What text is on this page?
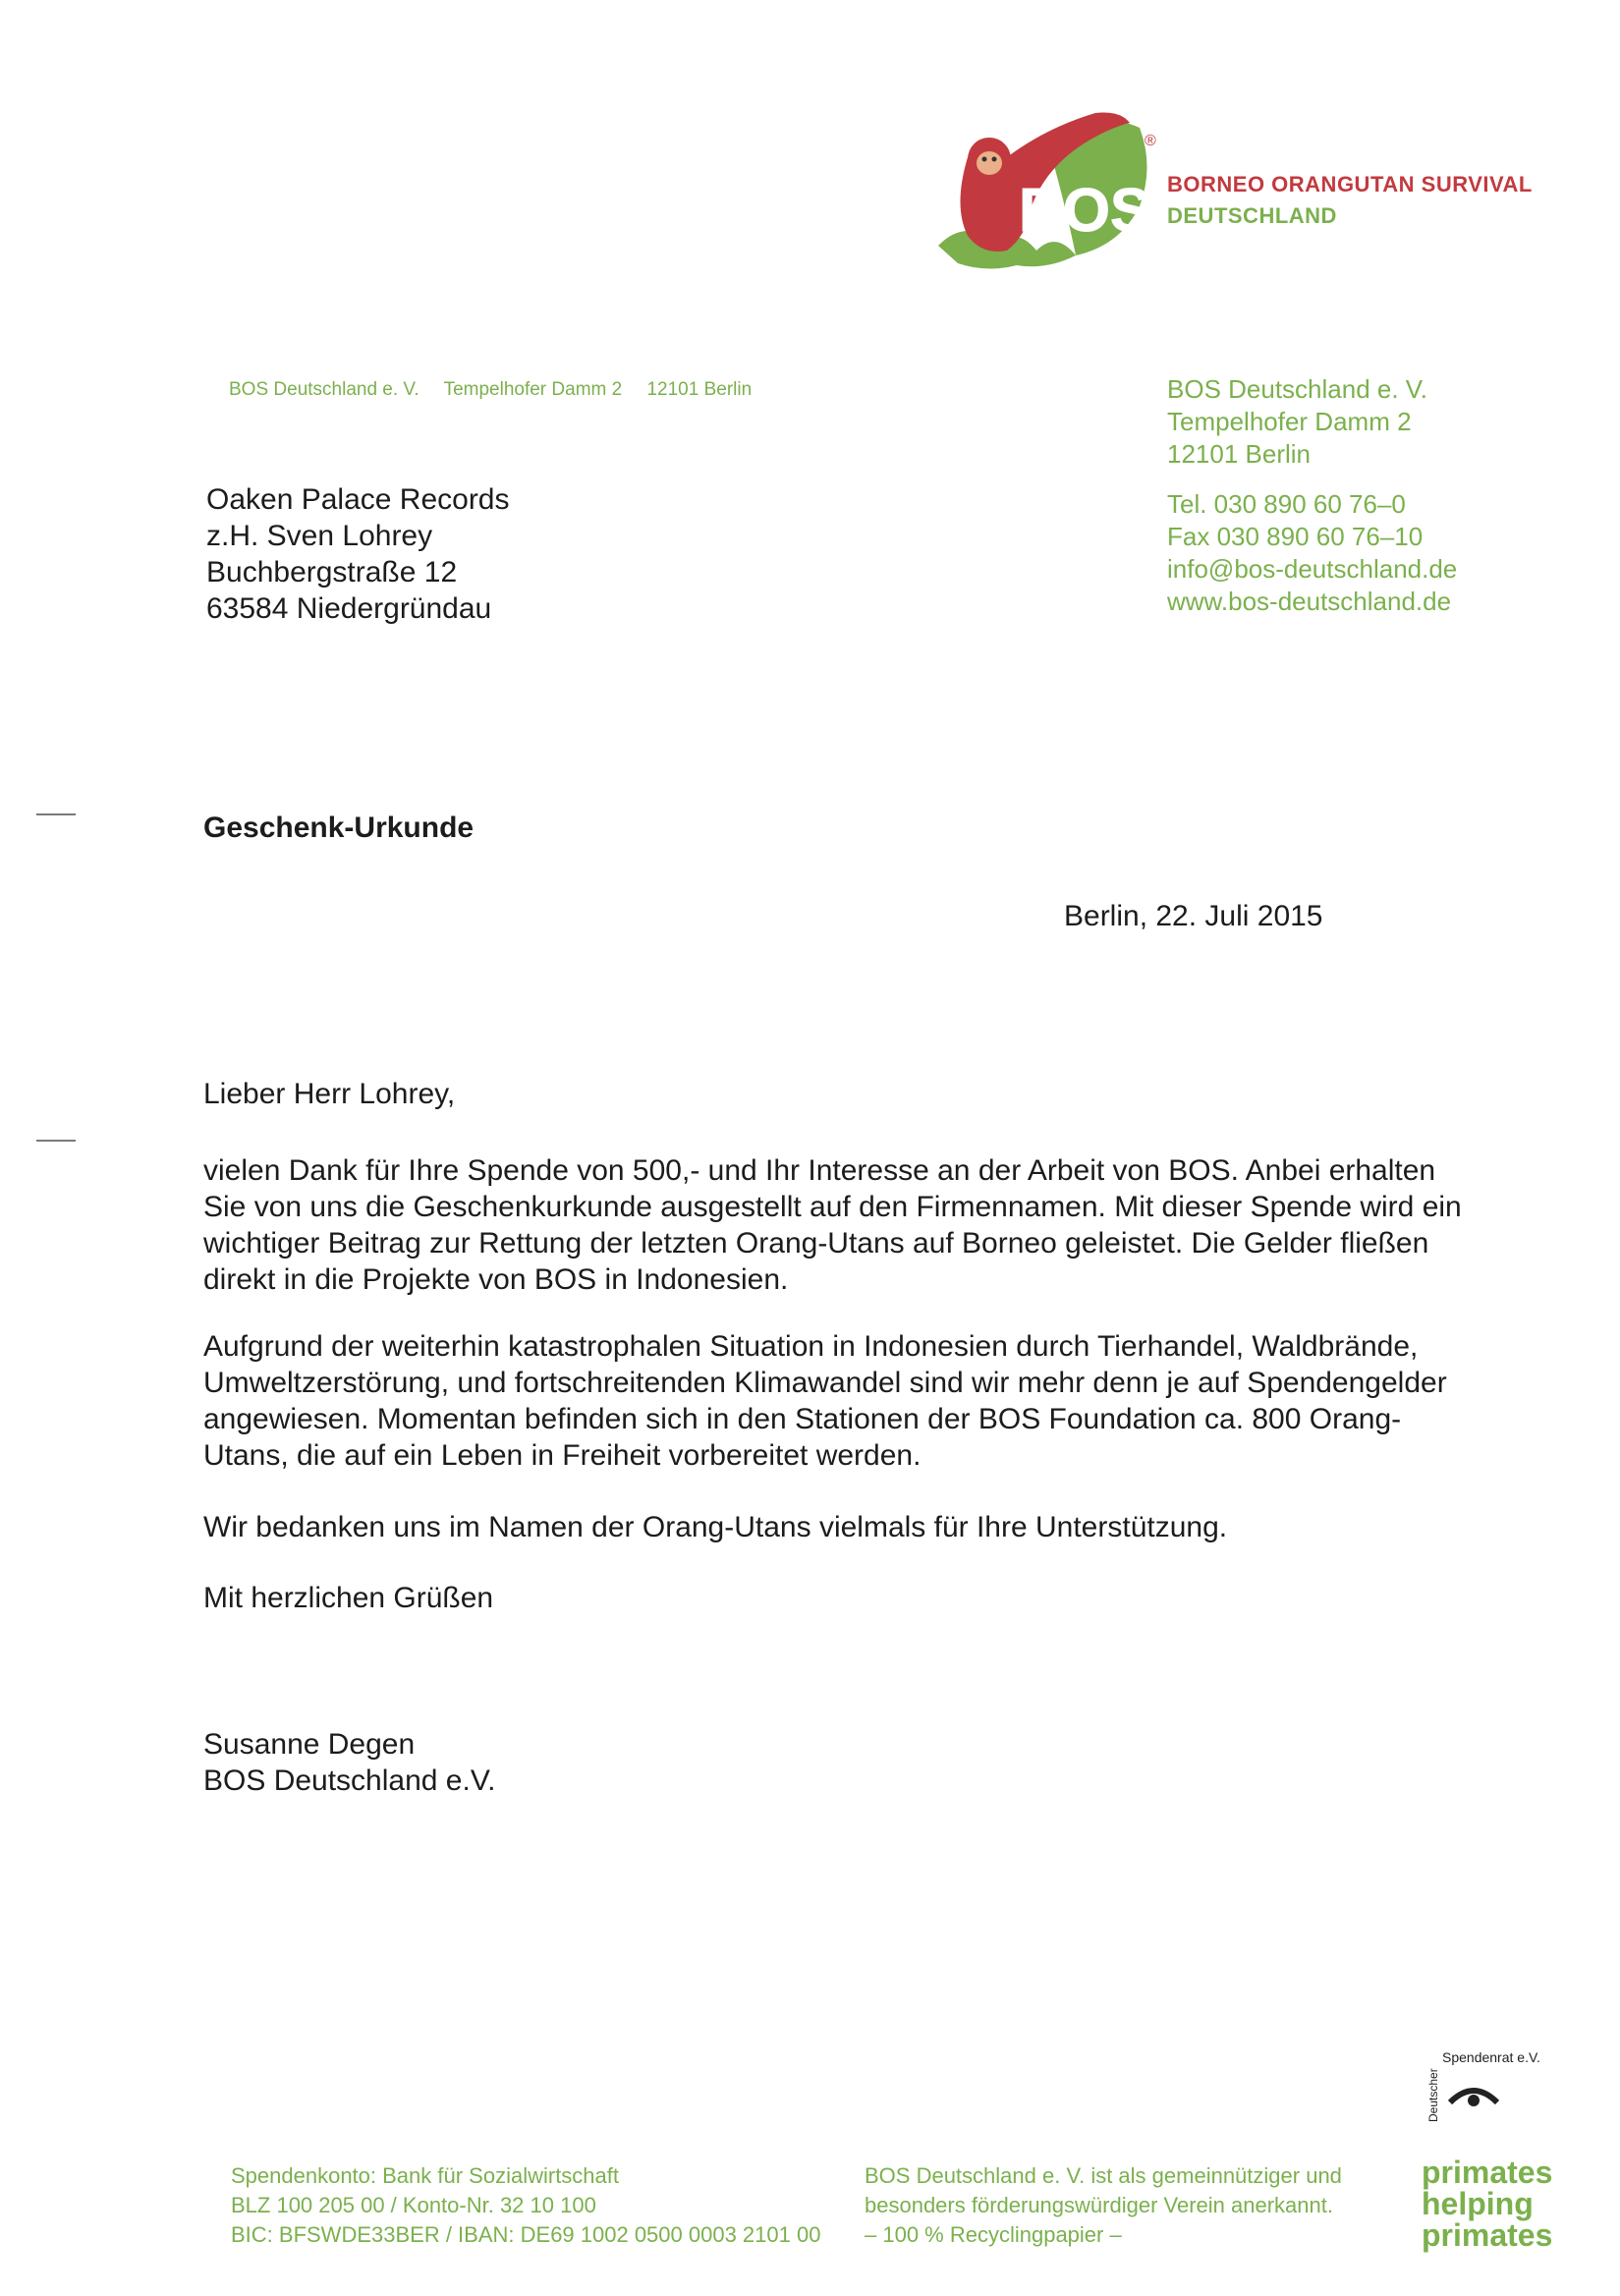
BOS
®
BORNEO ORANGUTAN SURVIVAL
DEUTSCHLAND
BOS Deutschland e. V. Tempelhofer Damm 2 12101 Berlin	BOS Deutschland e. V.
Tempelhofer Damm 2
12101 Berlin
Tel. 030 890 60 76–0
Fax 030 890 60 76–10
info@bos-deutschland.de
www.bos-deutschland.de
Oaken Palace Records
z.H. Sven Lohrey
Buchbergstraße 12
63584 Niedergründau
Geschenk-Urkunde
Berlin, 22. Juli 2015
Lieber Herr Lohrey,
vielen Dank für Ihre Spende von 500,- und Ihr Interesse an der Arbeit von BOS. Anbei erhalten Sie von uns die Geschenkurkunde ausgestellt auf den Firmennamen. Mit dieser Spende wird ein wichtiger Beitrag zur Rettung der letzten Orang-Utans auf Borneo geleistet. Die Gelder fließen direkt in die Projekte von BOS in Indonesien.
Aufgrund der weiterhin katastrophalen Situation in Indonesien durch Tierhandel, Waldbrände, Umweltzerstörung, und fortschreitenden Klimawandel sind wir mehr denn je auf Spendengelder angewiesen. Momentan befinden sich in den Stationen der BOS Foundation ca. 800 Orang-Utans, die auf ein Leben in Freiheit vorbereitet werden.
Wir bedanken uns im Namen der Orang-Utans vielmals für Ihre Unterstützung.
Mit herzlichen Grüßen
Susanne Degen
BOS Deutschland e.V.
Spendenkonto: Bank für Sozialwirtschaft
BLZ 100 205 00 / Konto-Nr. 32 10 100
BIC: BFSWDE33BER / IBAN: DE69 1002 0500 0003 2101 00
BOS Deutschland e. V. ist als gemeinnütziger und
besonders förderungswürdiger Verein anerkannt.
– 100 % Recyclingpapier –
Spendenrat e.V.
Deutscher
primates
helping
primates
